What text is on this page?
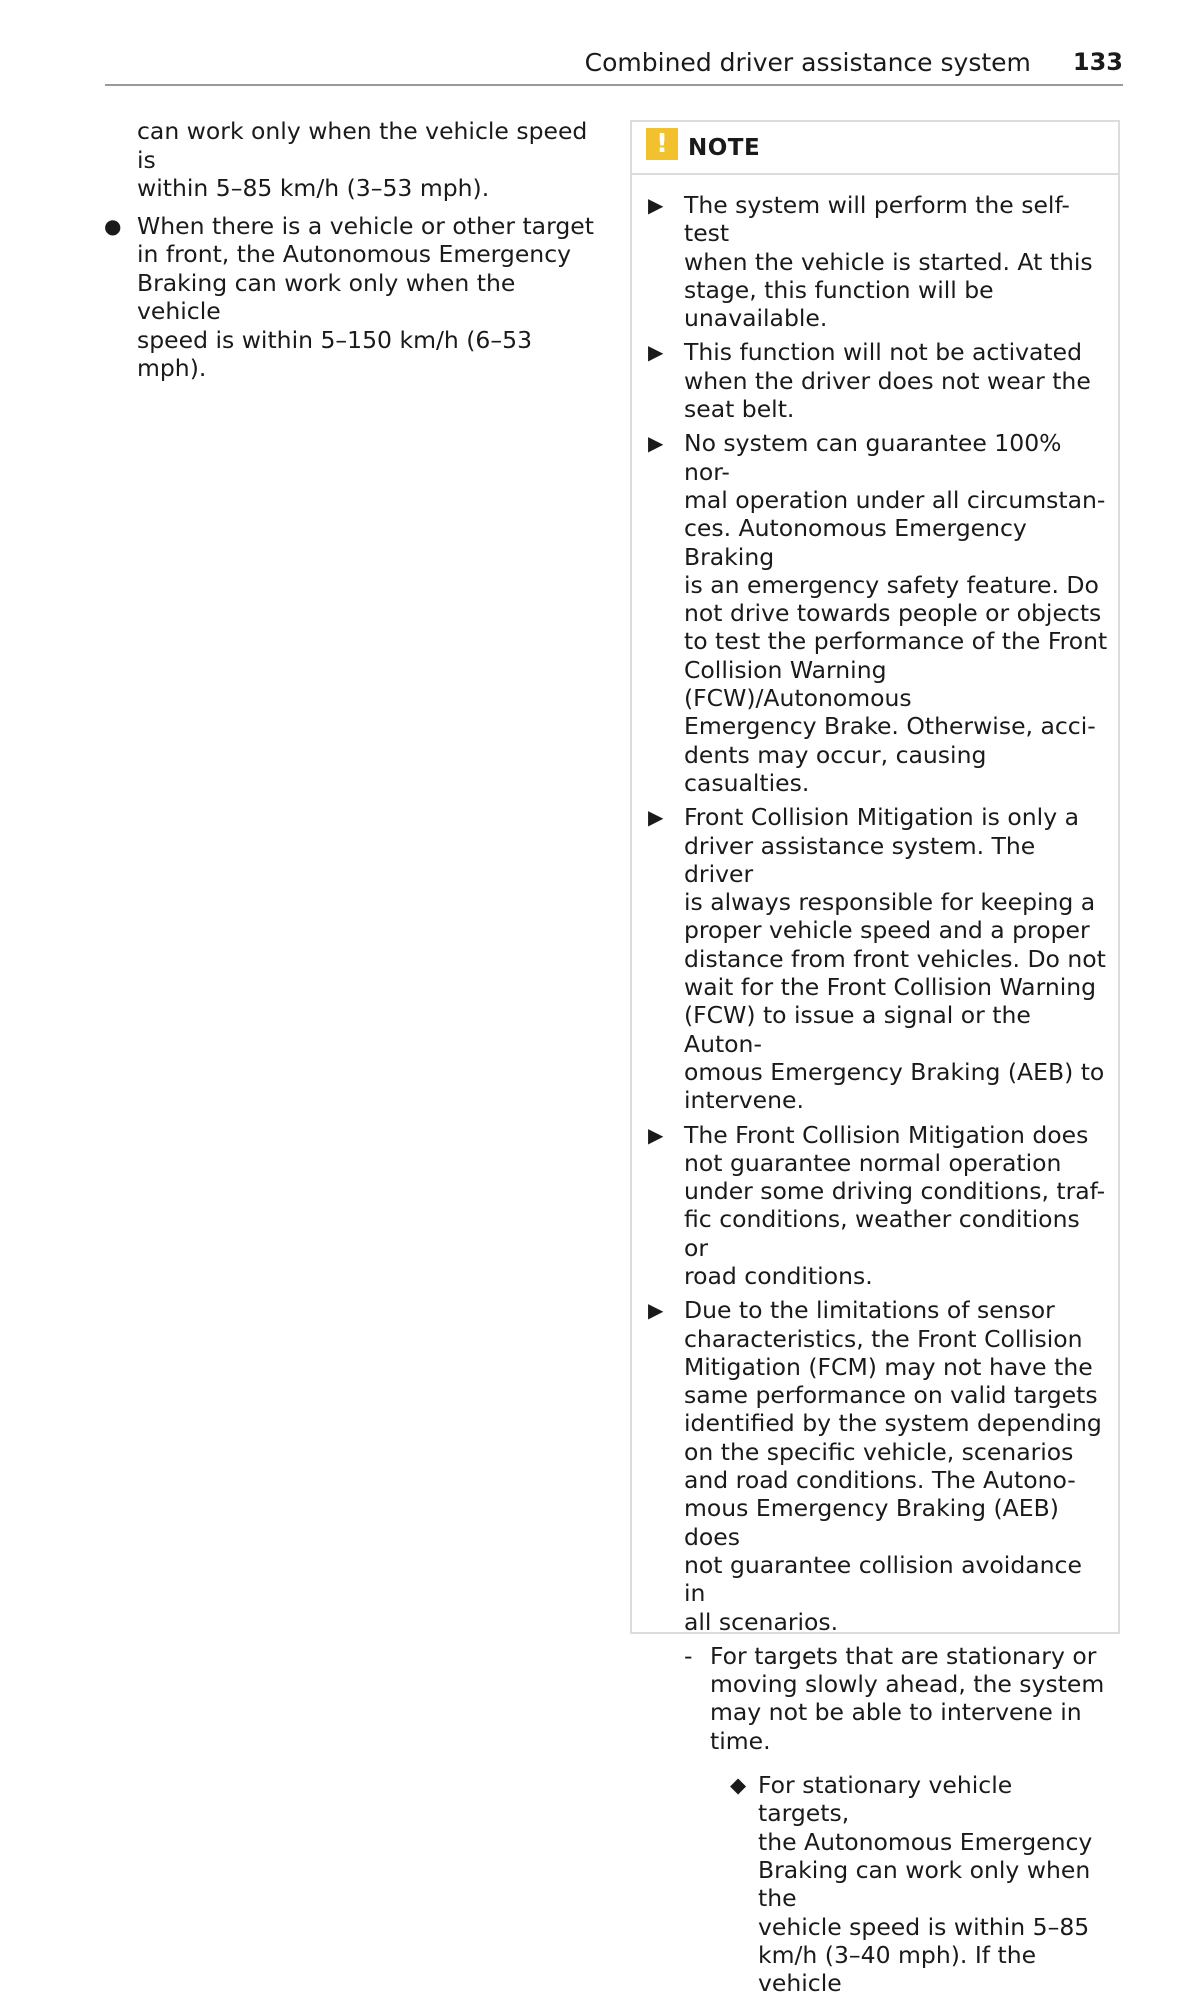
Combined driver assistance system 133
can work only when the vehicle speed is
within 5–85 km/h (3–53 mph).
● When there is a vehicle or other target
in front, the Autonomous Emergency
Braking can work only when the vehicle
speed is within 5–150 km/h (6–53 mph).
! NOTE
▶ The system will perform the self-test
when the vehicle is started. At this
stage, this function will be
unavailable.
▶ This function will not be activated
when the driver does not wear the
seat belt.
▶ No system can guarantee 100% nor-
mal operation under all circumstan-
ces. Autonomous Emergency Braking
is an emergency safety feature. Do
not drive towards people or objects
to test the performance of the Front
Collision Warning (FCW)/Autonomous
Emergency Brake. Otherwise, acci-
dents may occur, causing casualties.
▶ Front Collision Mitigation is only a
driver assistance system. The driver
is always responsible for keeping a
proper vehicle speed and a proper
distance from front vehicles. Do not
wait for the Front Collision Warning
(FCW) to issue a signal or the Auton-
omous Emergency Braking (AEB) to
intervene.
▶ The Front Collision Mitigation does
not guarantee normal operation
under some driving conditions, traf-
fic conditions, weather conditions or
road conditions.
▶ Due to the limitations of sensor
characteristics, the Front Collision
Mitigation (FCM) may not have the
same performance on valid targets
identified by the system depending
on the specific vehicle, scenarios
and road conditions. The Autono-
mous Emergency Braking (AEB) does
not guarantee collision avoidance in
all scenarios.
- For targets that are stationary or
moving slowly ahead, the system
may not be able to intervene in
time.
◆ For stationary vehicle targets,
the Autonomous Emergency
Braking can work only when the
vehicle speed is within 5–85
km/h (3–40 mph). If the vehicle
